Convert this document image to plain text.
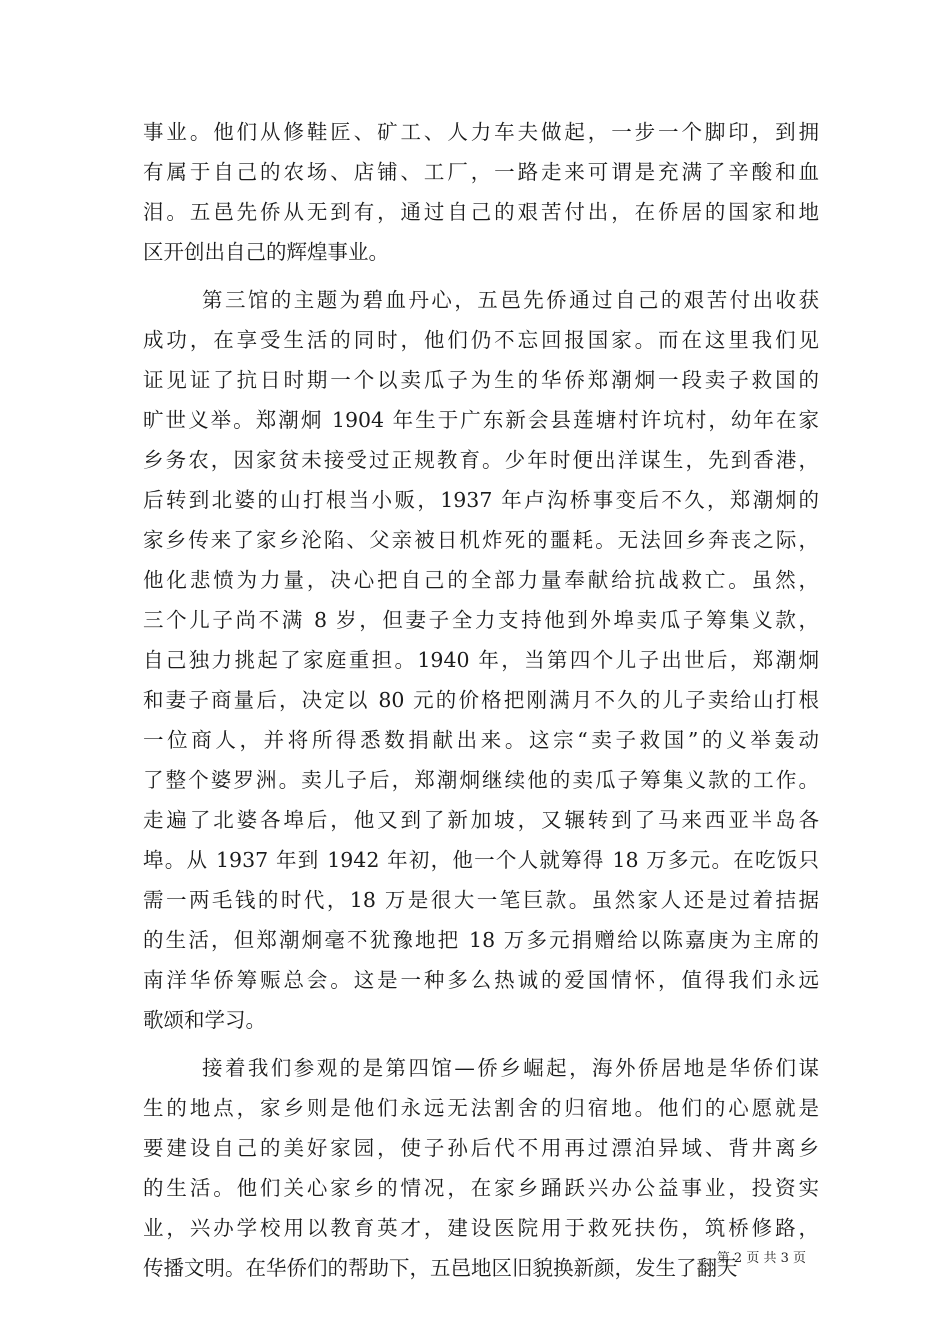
事业。他们从修鞋匠、矿工、人力车夫做起，一步一个脚印，到拥
有属于自己的农场、店铺、工厂，一路走来可谓是充满了辛酸和血
泪。五邑先侨从无到有，通过自己的艰苦付出，在侨居的国家和地
区开创出自己的辉煌事业。
第三馆的主题为碧血丹心，五邑先侨通过自己的艰苦付出收获
成功，在享受生活的同时，他们仍不忘回报国家。而在这里我们见
证见证了抗日时期一个以卖瓜子为生的华侨郑潮炯一段卖子救国的
旷世义举。郑潮炯 1904 年生于广东新会县莲塘村许坑村，幼年在家
乡务农，因家贫未接受过正规教育。少年时便出洋谋生，先到香港，
后转到北婆的山打根当小贩，1937 年卢沟桥事变后不久，郑潮炯的
家乡传来了家乡沦陷、父亲被日机炸死的噩耗。无法回乡奔丧之际，
他化悲愤为力量，决心把自己的全部力量奉献给抗战救亡。虽然，
三个儿子尚不满 8 岁，但妻子全力支持他到外埠卖瓜子筹集义款，
自己独力挑起了家庭重担。1940 年，当第四个儿子出世后，郑潮炯
和妻子商量后，决定以 80 元的价格把刚满月不久的儿子卖给山打根
一位商人，并将所得悉数捐献出来。这宗“卖子救国”的义举轰动
了整个婆罗洲。卖儿子后，郑潮炯继续他的卖瓜子筹集义款的工作。
走遍了北婆各埠后，他又到了新加坡，又辗转到了马来西亚半岛各
埠。从 1937 年到 1942 年初，他一个人就筹得 18 万多元。在吃饭只
需一两毛钱的时代，18 万是很大一笔巨款。虽然家人还是过着拮据
的生活，但郑潮炯毫不犹豫地把 18 万多元捐赠给以陈嘉庚为主席的
南洋华侨筹赈总会。这是一种多么热诚的爱国情怀，值得我们永远
歌颂和学习。
接着我们参观的是第四馆—侨乡崛起，海外侨居地是华侨们谋
生的地点，家乡则是他们永远无法割舍的归宿地。他们的心愿就是
要建设自己的美好家园，使子孙后代不用再过漂泊异域、背井离乡
的生活。他们关心家乡的情况，在家乡踊跃兴办公益事业，投资实
业，兴办学校用以教育英才，建设医院用于救死扶伤，筑桥修路，
传播文明。在华侨们的帮助下，五邑地区旧貌换新颜，发生了翻天
第 2 页 共 3 页
